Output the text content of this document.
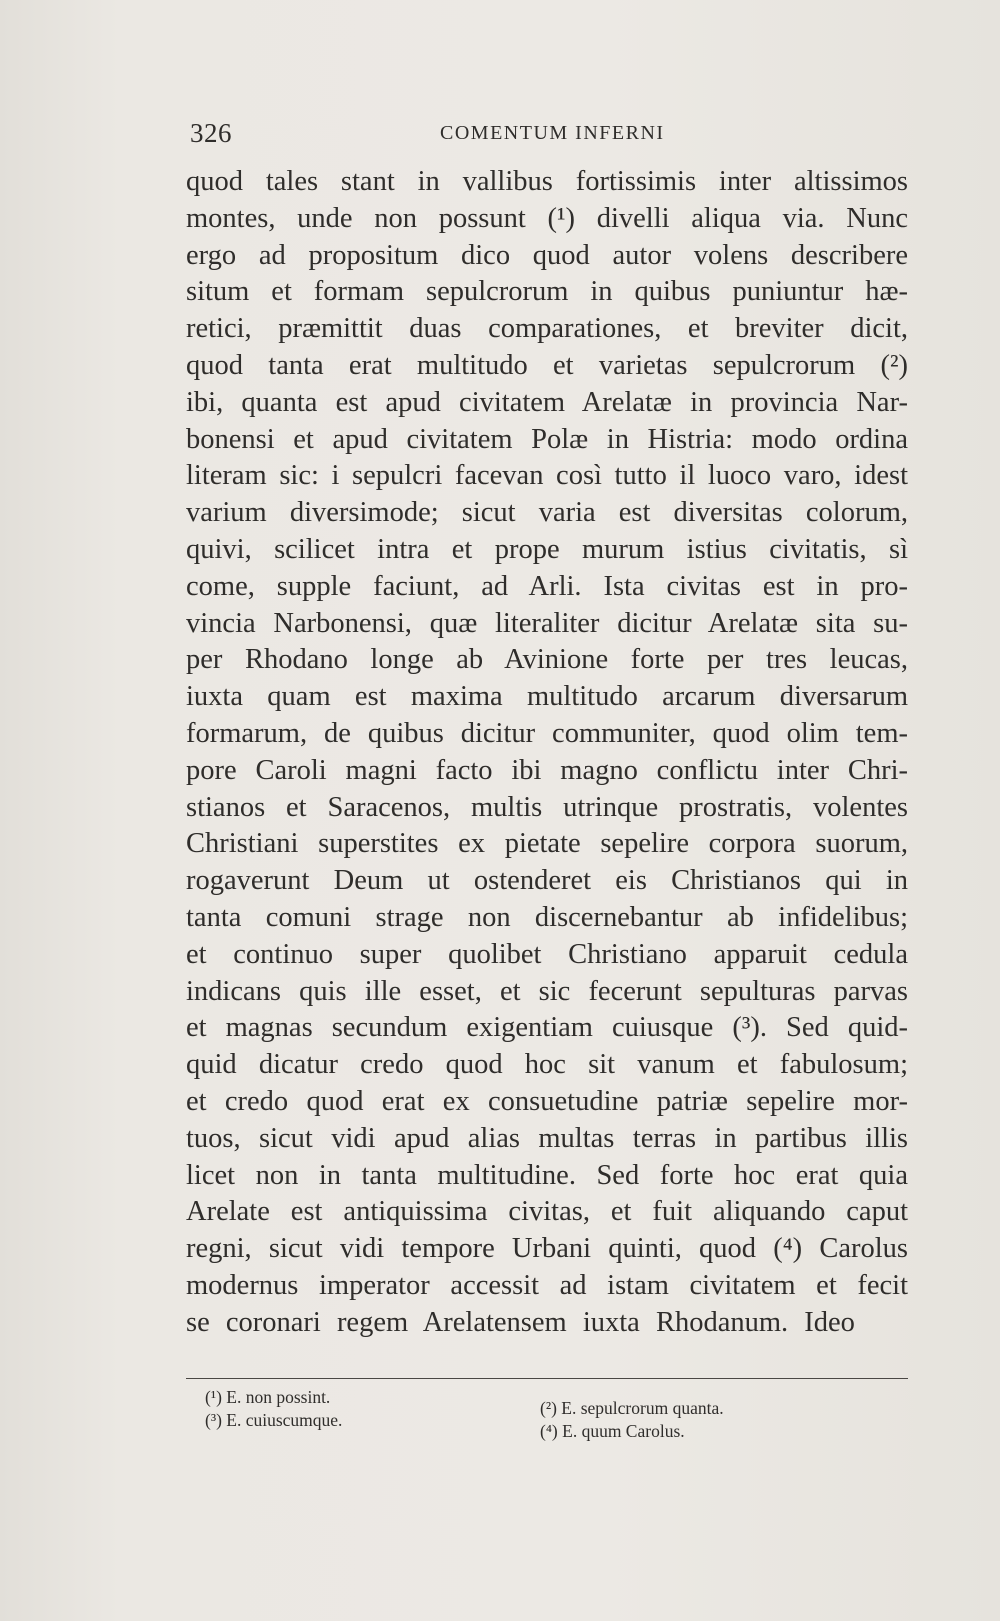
326	COMENTUM INFERNI
quod tales stant in vallibus fortissimis inter altissimos
montes, unde non possunt (¹) divelli aliqua via. Nunc
ergo ad propositum dico quod autor volens describere
situm et formam sepulcrorum in quibus puniuntur hæ-
retici, præmittit duas comparationes, et breviter dicit,
quod tanta erat multitudo et varietas sepulcrorum (²)
ibi, quanta est apud civitatem Arelatæ in provincia Nar-
bonensi et apud civitatem Polæ in Histria: modo ordina
literam sic: i sepulcri facevan così tutto il luoco varo, idest
varium diversimode; sicut varia est diversitas colorum,
quivi, scilicet intra et prope murum istius civitatis, sì
come, supple faciunt, ad Arli. Ista civitas est in pro-
vincia Narbonensi, quæ literaliter dicitur Arelatæ sita su-
per Rhodano longe ab Avinione forte per tres leucas,
iuxta quam est maxima multitudo arcarum diversarum
formarum, de quibus dicitur communiter, quod olim tem-
pore Caroli magni facto ibi magno conflictu inter Chri-
stianos et Saracenos, multis utrinque prostratis, volentes
Christiani superstites ex pietate sepelire corpora suorum,
rogaverunt Deum ut ostenderet eis Christianos qui in
tanta comuni strage non discernebantur ab infidelibus;
et continuo super quolibet Christiano apparuit cedula
indicans quis ille esset, et sic fecerunt sepulturas parvas
et magnas secundum exigentiam cuiusque (³). Sed quid-
quid dicatur credo quod hoc sit vanum et fabulosum;
et credo quod erat ex consuetudine patriæ sepelire mor-
tuos, sicut vidi apud alias multas terras in partibus illis
licet non in tanta multitudine. Sed forte hoc erat quia
Arelate est antiquissima civitas, et fuit aliquando caput
regni, sicut vidi tempore Urbani quinti, quod (⁴) Carolus
modernus imperator accessit ad istam civitatem et fecit
se coronari regem Arelatensem iuxta Rhodanum. Ideo
(¹) E. non possint.
(³) E. cuiuscumque.
(²) E. sepulcrorum quanta.
(⁴) E. quum Carolus.
